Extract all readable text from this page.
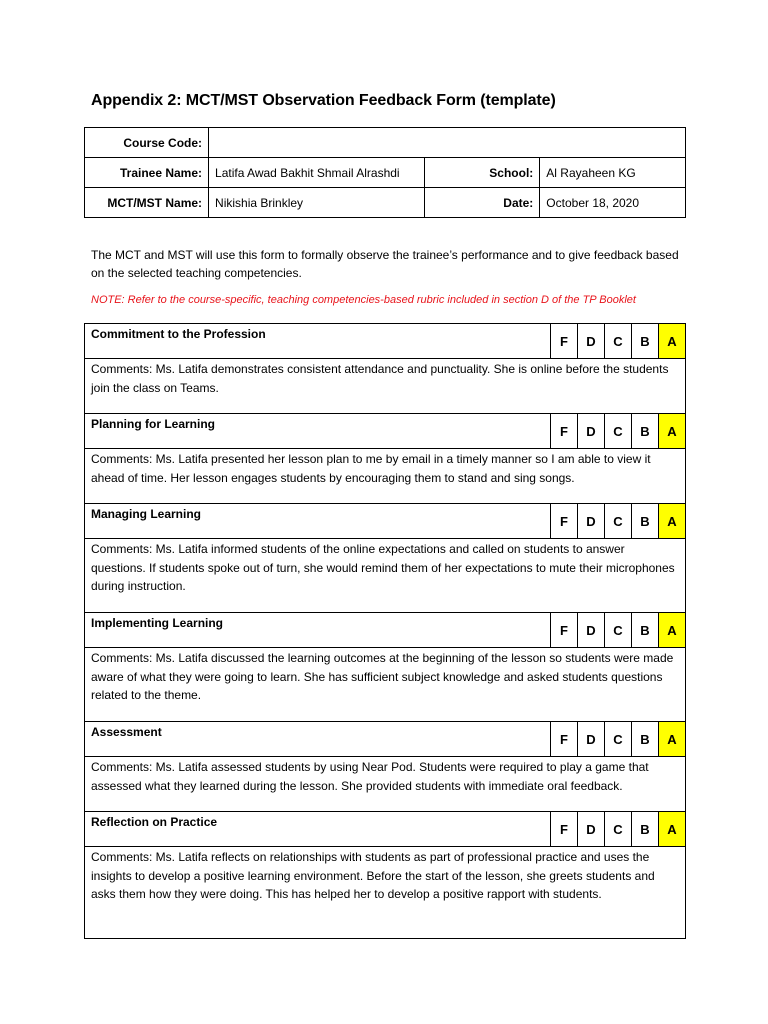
Appendix 2: MCT/MST Observation Feedback Form (template)
Course Code:			
Trainee Name:	Latifa Awad Bakhit Shmail Alrashdi	School:	Al Rayaheen KG
MCT/MST Name:	Nikishia Brinkley	Date:	October 18, 2020

The MCT and MST will use this form to formally observe the trainee’s performance and to give feedback based on the selected teaching competencies.

NOTE: Refer to the course-specific, teaching competencies-based rubric included in section D of the TP Booklet

Commitment to the Profession	F	D	C	B	A
Comments: Ms. Latifa demonstrates consistent attendance and punctuality. She is online before the students join the class on Teams.					
Planning for Learning	F	D	C	B	A
Comments: Ms. Latifa presented her lesson plan to me by email in a timely manner so I am able to view it ahead of time. Her lesson engages students by encouraging them to stand and sing songs.					
Managing Learning	F	D	C	B	A
Comments: Ms. Latifa informed students of the online expectations and called on students to answer questions. If students spoke out of turn, she would remind them of her expectations to mute their microphones during instruction.					
Implementing Learning	F	D	C	B	A
Comments: Ms. Latifa discussed the learning outcomes at the beginning of the lesson so students were made aware of what they were going to learn. She has sufficient subject knowledge and asked students questions related to the theme.					
Assessment	F	D	C	B	A
Comments: Ms. Latifa assessed students by using Near Pod. Students were required to play a game that assessed what they learned during the lesson. She provided students with immediate oral feedback.					
Reflection on Practice	F	D	C	B	A
Comments: Ms. Latifa reflects on relationships with students as part of professional practice and uses the insights to develop a positive learning environment. Before the start of the lesson, she greets students and asks them how they were doing. This has helped her to develop a positive rapport with students.					
